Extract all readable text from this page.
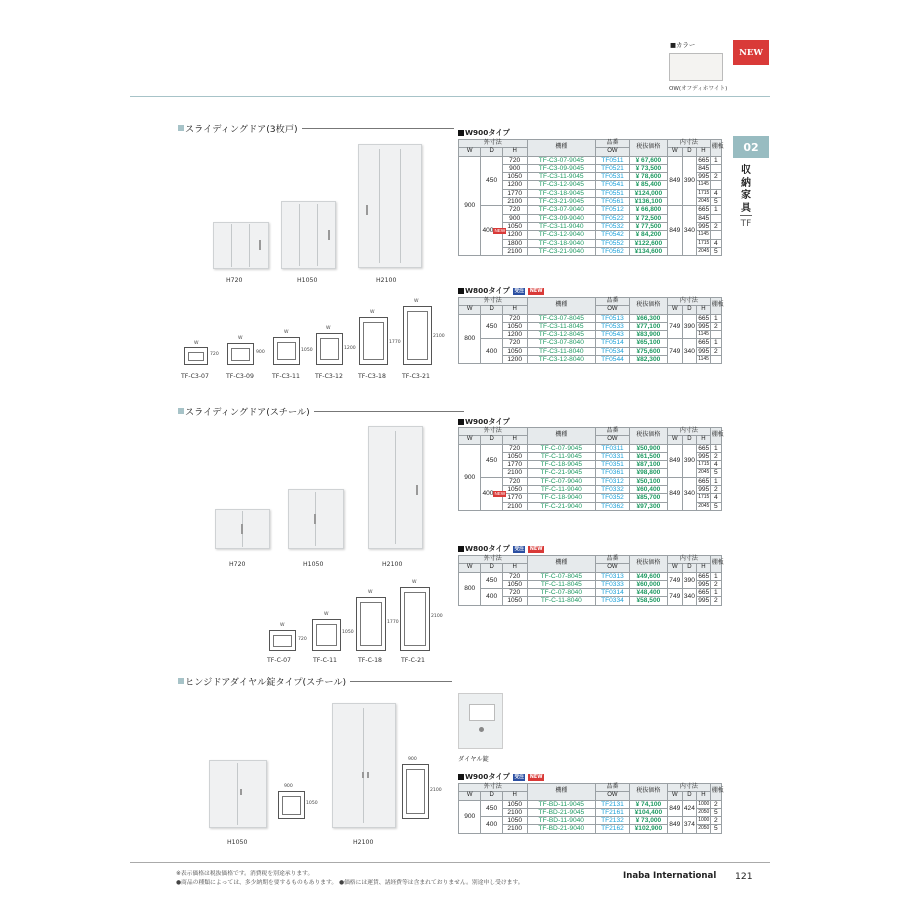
■カラー
OW(オフディホワイト)
NEW
02
収納家具
TF
スライディングドア(3枚戸)
H720	H1050	H2100
W
720
TF-C3-07
W
900
TF-C3-09
W
1050
TF-C3-11
W
1200
TF-C3-12
W
1770
TF-C3-18
W
2100
TF-C3-21
W900タイプ
W800タイプ 受注	NEW
W900タイプ
W800タイプ 受注	NEW
W900タイプ 受注	NEW
外寸法			機種	品番	税抜価格	内寸法			棚板
W	D	H		OW		W	D	H	
900	450	720	TF-C3-07-9045	TF0511	¥ 67,600	849	390	665	1
		900	TF-C3-09-9045	TF0521	¥ 73,500			845	
		1050	TF-C3-11-9045	TF0531	¥ 78,600			995	2
		1200	TF-C3-12-9045	TF0541	¥ 85,400			1145	
		1770	TF-C3-18-9045	TF0551	¥124,000			1715	4
		2100	TF-C3-21-9045	TF0561	¥136,100			2045	5
	400NEW	720	TF-C3-07-9040	TF0512	¥ 66,800	849	340	665	1
		900	TF-C3-09-9040	TF0522	¥ 72,500			845	
		1050	TF-C3-11-9040	TF0532	¥ 77,500			995	2
		1200	TF-C3-12-9040	TF0542	¥ 84,200			1145	
		1800	TF-C3-18-9040	TF0552	¥122,600			1715	4
		2100	TF-C3-21-9040	TF0562	¥134,600			2045	5
外寸法			機種	品番	税抜価格	内寸法			棚板
W	D	H		OW		W	D	H	
800	450	720	TF-C3-07-8045	TF0513	¥66,300	749	390	665	1
		1050	TF-C3-11-8045	TF0533	¥77,100			995	2
		1200	TF-C3-12-8045	TF0543	¥83,900			1145	
	400	720	TF-C3-07-8040	TF0514	¥65,100	749	340	665	1
		1050	TF-C3-11-8040	TF0534	¥75,600			995	2
		1200	TF-C3-12-8040	TF0544	¥82,300			1145	
外寸法			機種	品番	税抜価格	内寸法			棚板
W	D	H		OW		W	D	H	
900	450	720	TF-C-07-9045	TF0311	¥50,900	849	390	665	1
		1050	TF-C-11-9045	TF0331	¥61,500			995	2
		1770	TF-C-18-9045	TF0351	¥87,100			1715	4
		2100	TF-C-21-9045	TF0361	¥98,800			2045	5
	400NEW	720	TF-C-07-9040	TF0312	¥50,100	849	340	665	1
		1050	TF-C-11-9040	TF0332	¥60,400			995	2
		1770	TF-C-18-9040	TF0352	¥85,700			1715	4
		2100	TF-C-21-9040	TF0362	¥97,300			2045	5
外寸法			機種	品番	税抜価格	内寸法			棚板
W	D	H		OW		W	D	H	
800	450	720	TF-C-07-8045	TF0313	¥49,600	749	390	665	1
		1050	TF-C-11-8045	TF0333	¥60,000			995	2
	400	720	TF-C-07-8040	TF0314	¥48,400	749	340	665	1
		1050	TF-C-11-8040	TF0334	¥58,500			995	2
外寸法			機種	品番	税抜価格	内寸法			棚板
W	D	H		OW		W	D	H	
900	450	1050	TF-BD-11-9045	TF2131	¥ 74,100	849	424	1000	2
		2100	TF-BD-21-9045	TF2161	¥104,400			2050	5
	400	1050	TF-BD-11-9040	TF2132	¥ 73,000	849	374	1000	2
		2100	TF-BD-21-9040	TF2162	¥102,900			2050	5
スライディングドア(スチール)
H720	H1050	H2100
W
720
TF-C-07
W
1050
TF-C-11
W
1770
TF-C-18
W
2100
TF-C-21
ヒンジドアダイヤル錠タイプ(スチール)
H1050	H2100
900
1050
900
2100
ダイヤル錠
※表示価格は税抜価格です。消費税を別途承ります。
●商品の種類によっては、多少納期を要するものもあります。 ●価格には運賃、諸経費等は含まれておりません。別途申し受けます。
Inaba International 121
